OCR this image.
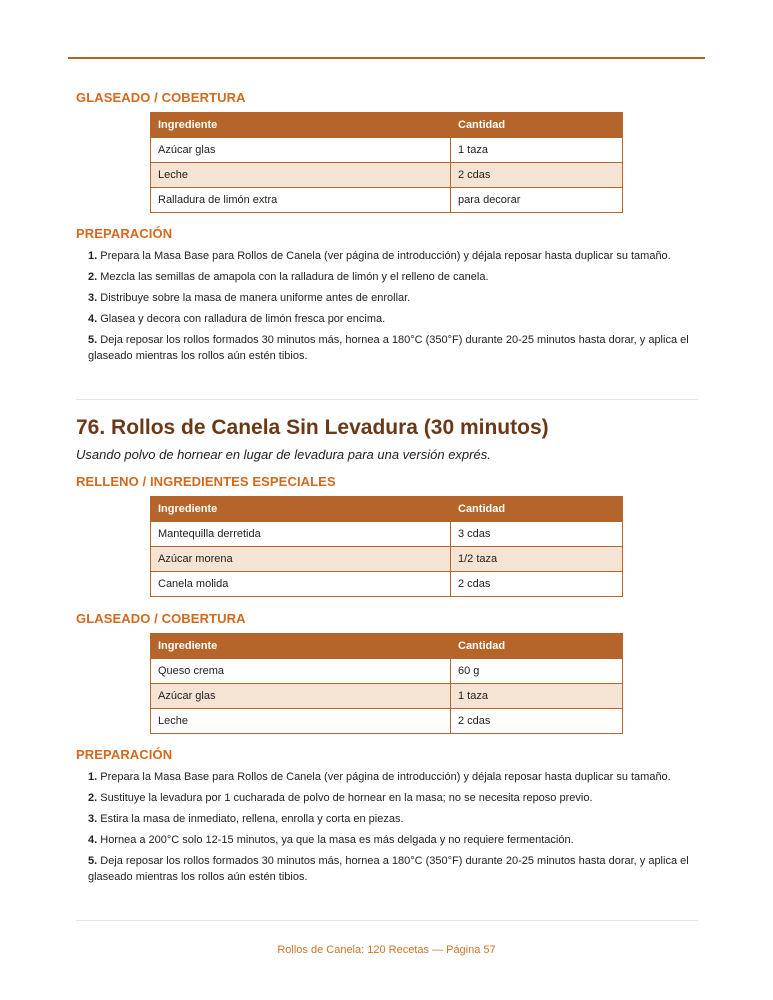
GLASEADO / COBERTURA
Ingrediente	Cantidad
Azúcar glas	1 taza
Leche	2 cdas
Ralladura de limón extra	para decorar
PREPARACIÓN
1. Prepara la Masa Base para Rollos de Canela (ver página de introducción) y déjala reposar hasta duplicar su tamaño.
2. Mezcla las semillas de amapola con la ralladura de limón y el relleno de canela.
3. Distribuye sobre la masa de manera uniforme antes de enrollar.
4. Glasea y decora con ralladura de limón fresca por encima.
5. Deja reposar los rollos formados 30 minutos más, hornea a 180°C (350°F) durante 20-25 minutos hasta dorar, y aplica el glaseado mientras los rollos aún estén tibios.
76. Rollos de Canela Sin Levadura (30 minutos)
Usando polvo de hornear en lugar de levadura para una versión exprés.
RELLENO / INGREDIENTES ESPECIALES
Ingrediente	Cantidad
Mantequilla derretida	3 cdas
Azúcar morena	1/2 taza
Canela molida	2 cdas
GLASEADO / COBERTURA
Ingrediente	Cantidad
Queso crema	60 g
Azúcar glas	1 taza
Leche	2 cdas
PREPARACIÓN
1. Prepara la Masa Base para Rollos de Canela (ver página de introducción) y déjala reposar hasta duplicar su tamaño.
2. Sustituye la levadura por 1 cucharada de polvo de hornear en la masa; no se necesita reposo previo.
3. Estira la masa de inmediato, rellena, enrolla y corta en piezas.
4. Hornea a 200°C solo 12-15 minutos, ya que la masa es más delgada y no requiere fermentación.
5. Deja reposar los rollos formados 30 minutos más, hornea a 180°C (350°F) durante 20-25 minutos hasta dorar, y aplica el glaseado mientras los rollos aún estén tibios.
Rollos de Canela: 120 Recetas — Página 57
